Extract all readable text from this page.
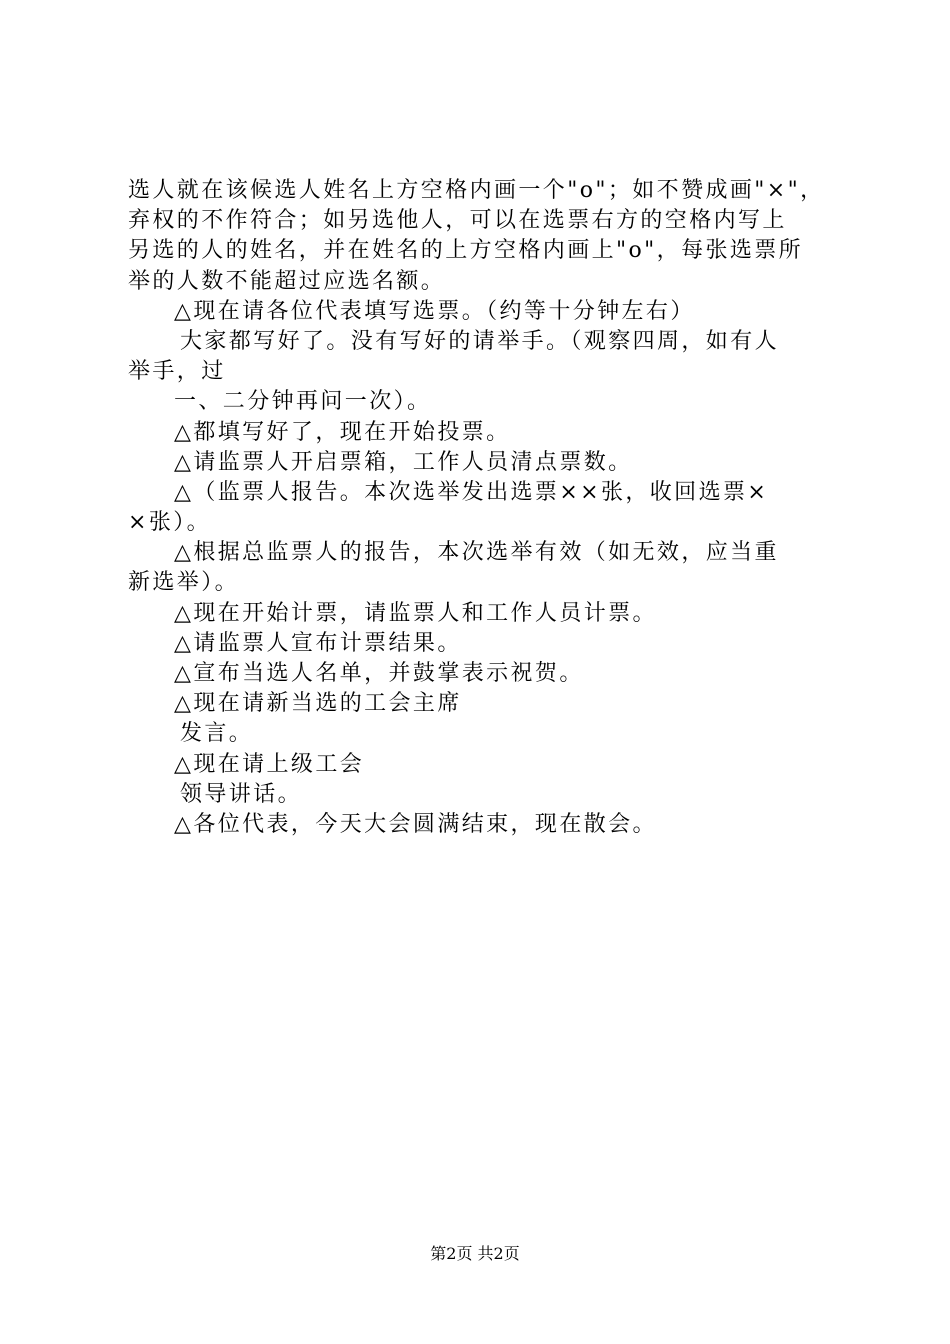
选人就在该候选人姓名上方空格内画一个"o"；如不赞成画"×"，
弃权的不作符合；如另选他人，可以在选票右方的空格内写上
另选的人的姓名，并在姓名的上方空格内画上"o"，每张选票所
举的人数不能超过应选名额。
△现在请各位代表填写选票。（约等十分钟左右）
大家都写好了。没有写好的请举手。（观察四周，如有人
举手，过
一、二分钟再问一次）。
△都填写好了，现在开始投票。
△请监票人开启票箱，工作人员清点票数。
△（监票人报告。本次选举发出选票××张，收回选票×
×张）。
△根据总监票人的报告，本次选举有效（如无效，应当重
新选举）。
△现在开始计票，请监票人和工作人员计票。
△请监票人宣布计票结果。
△宣布当选人名单，并鼓掌表示祝贺。
△现在请新当选的工会主席
发言。
△现在请上级工会
领导讲话。
△各位代表，今天大会圆满结束，现在散会。
第2页 共2页
